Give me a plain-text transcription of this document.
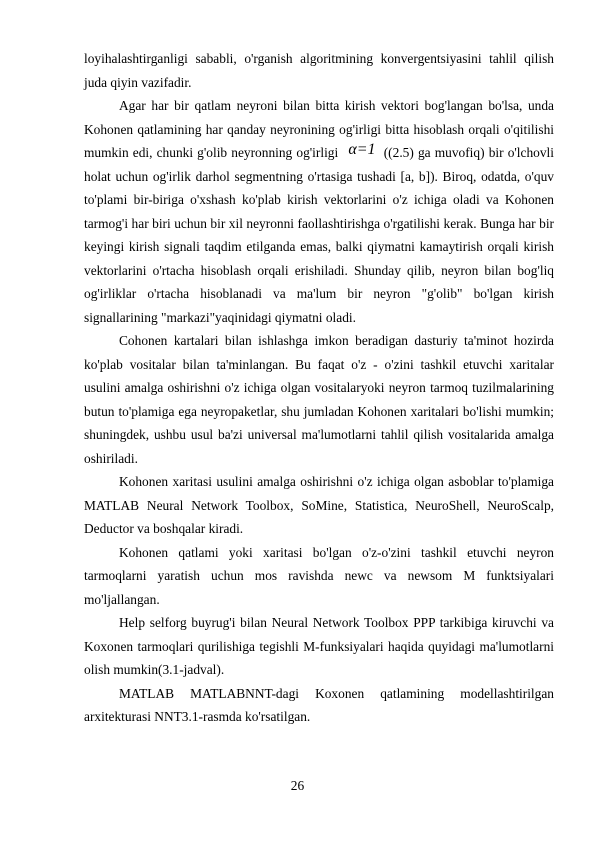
loyihalashtirganligi sababli, o'rganish algoritmining konvergentsiyasini tahlil qilish juda qiyin vazifadir.

Agar har bir qatlam neyroni bilan bitta kirish vektori bog'langan bo'lsa, unda Kohonen qatlamining har qanday neyronining og'irligi bitta hisoblash orqali o'qitilishi mumkin edi, chunki g'olib neyronning og'irligi α=1 ((2.5) ga muvofiq) bir o'lchovli holat uchun og'irlik darhol segmentning o'rtasiga tushadi [a, b]). Biroq, odatda, o'quv to'plami bir-biriga o'xshash ko'plab kirish vektorlarini o'z ichiga oladi va Kohonen tarmog'i har biri uchun bir xil neyronni faollashtirishga o'rgatilishi kerak. Bunga har bir keyingi kirish signali taqdim etilganda emas, balki qiymatni kamaytirish orqali kirish vektorlarini o'rtacha hisoblash orqali erishiladi. Shunday qilib, neyron bilan bog'liq og'irliklar o'rtacha hisoblanadi va ma'lum bir neyron "g'olib" bo'lgan kirish signallarining "markazi"yaqinidagi qiymatni oladi.

Cohonen kartalari bilan ishlashga imkon beradigan dasturiy ta'minot hozirda ko'plab vositalar bilan ta'minlangan. Bu faqat o'z - o'zini tashkil etuvchi xaritalar usulini amalga oshirishni o'z ichiga olgan vositalaryoki neyron tarmoq tuzilmalarining butun to'plamiga ega neyropaketlar, shu jumladan Kohonen xaritalari bo'lishi mumkin; shuningdek, ushbu usul ba'zi universal ma'lumotlarni tahlil qilish vositalarida amalga oshiriladi.

Kohonen xaritasi usulini amalga oshirishni o'z ichiga olgan asboblar to'plamiga MATLAB Neural Network Toolbox, SoMine, Statistica, NeuroShell, NeuroScalp, Deductor va boshqalar kiradi.

Kohonen qatlami yoki xaritasi bo'lgan o'z-o'zini tashkil etuvchi neyron tarmoqlarni yaratish uchun mos ravishda newc va newsom M funktsiyalari mo'ljallangan.

Help selforg buyrug'i bilan Neural Network Toolbox PPP tarkibiga kiruvchi va Koxonen tarmoqlari qurilishiga tegishli M-funksiyalari haqida quyidagi ma'lumotlarni olish mumkin(3.1-jadval).

MATLAB MATLABNNT-dagi Koxonen qatlamining modellashtirilgan arxitekturasi NNT3.1-rasmda ko'rsatilgan.

26
